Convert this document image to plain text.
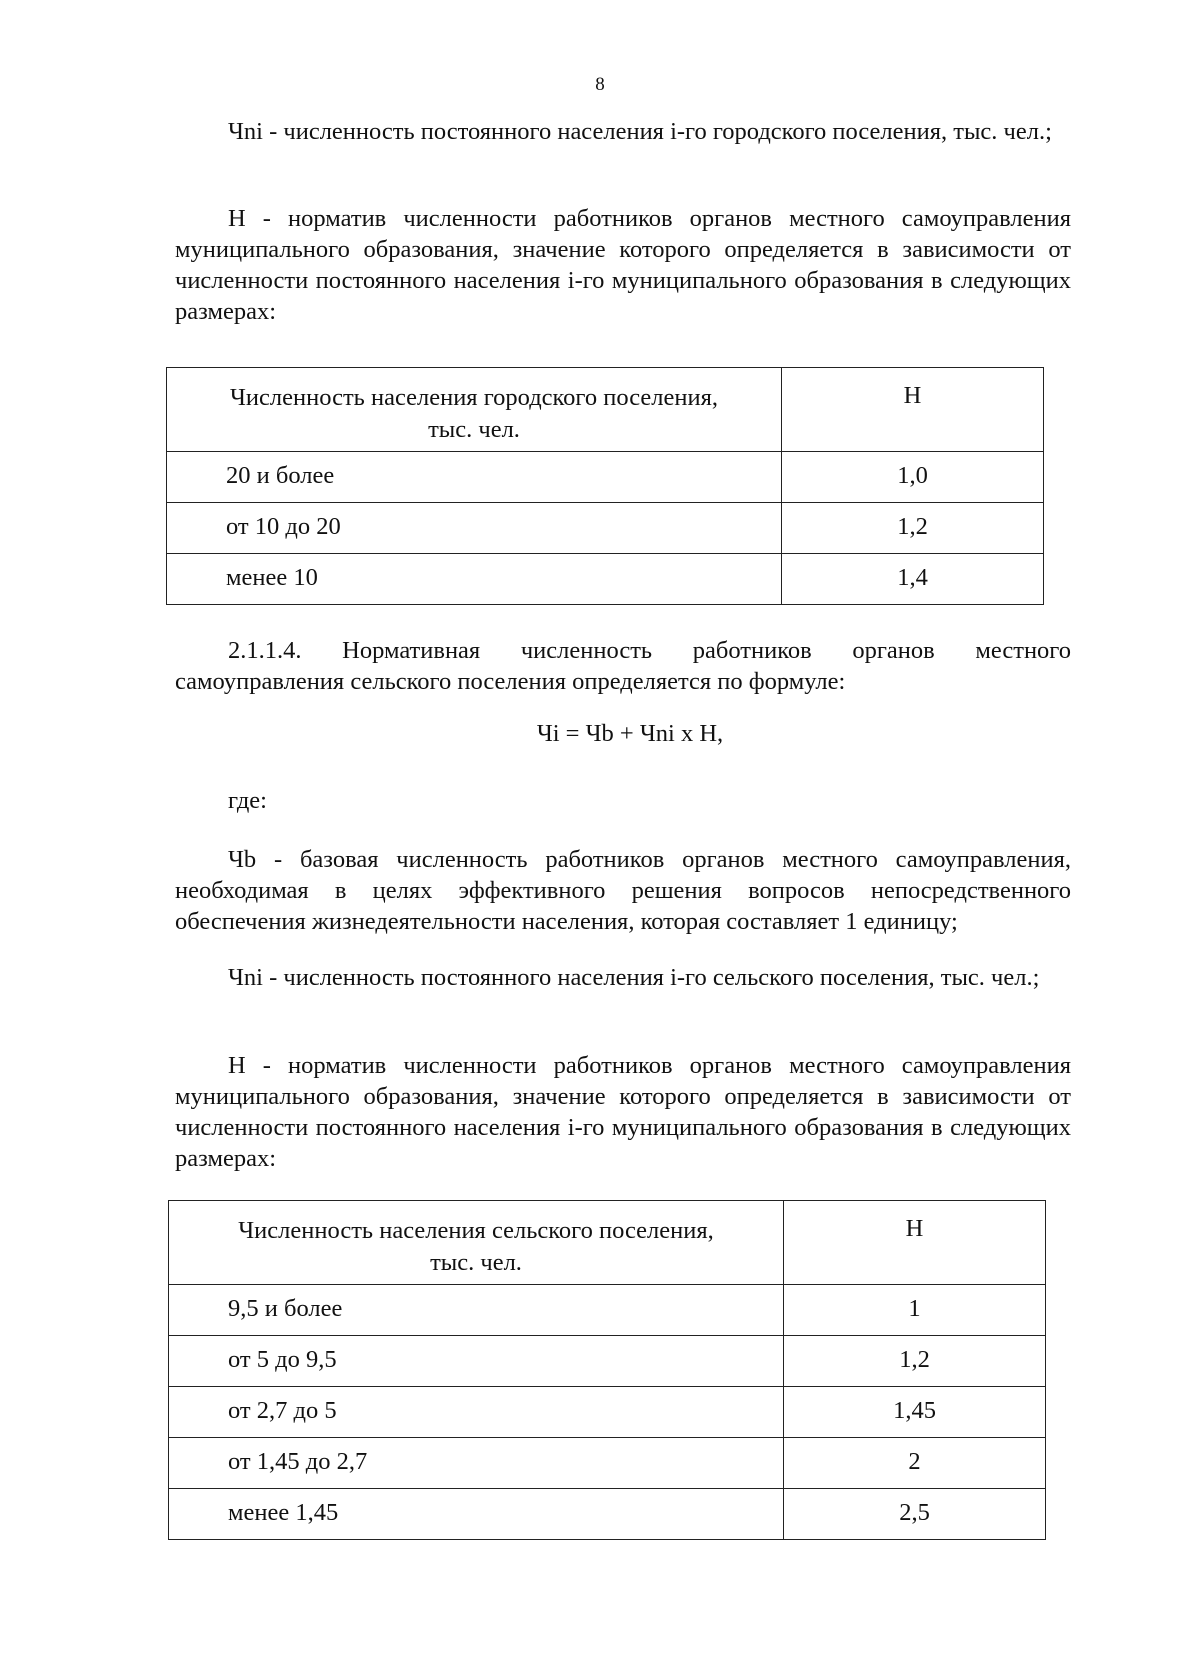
8

Чni - численность постоянного населения i-го городского поселения, тыс. чел.;

Н - норматив численности работников органов местного самоуправления муниципального образования, значение которого определяется в зависимости от численности постоянного населения i-го муниципального образования в следующих размерах:

Численность населения городского поселения,
тыс. чел.	Н
20 и более	1,0
от 10 до 20	1,2
менее 10	1,4

2.1.1.4. Нормативная численность работников органов местного самоуправления сельского поселения определяется по формуле:

Чi = Чb + Чni x Н,

где:

Чb - базовая численность работников органов местного самоуправления, необходимая в целях эффективного решения вопросов непосредственного обеспечения жизнедеятельности населения, которая составляет 1 единицу;

Чni - численность постоянного населения i-го сельского поселения, тыс. чел.;

Н - норматив численности работников органов местного самоуправления муниципального образования, значение которого определяется в зависимости от численности постоянного населения i-го муниципального образования в следующих размерах:

Численность населения сельского поселения,
тыс. чел.	Н
9,5 и более	1
от 5 до 9,5	1,2
от 2,7 до 5	1,45
от 1,45 до 2,7	2
менее 1,45	2,5
